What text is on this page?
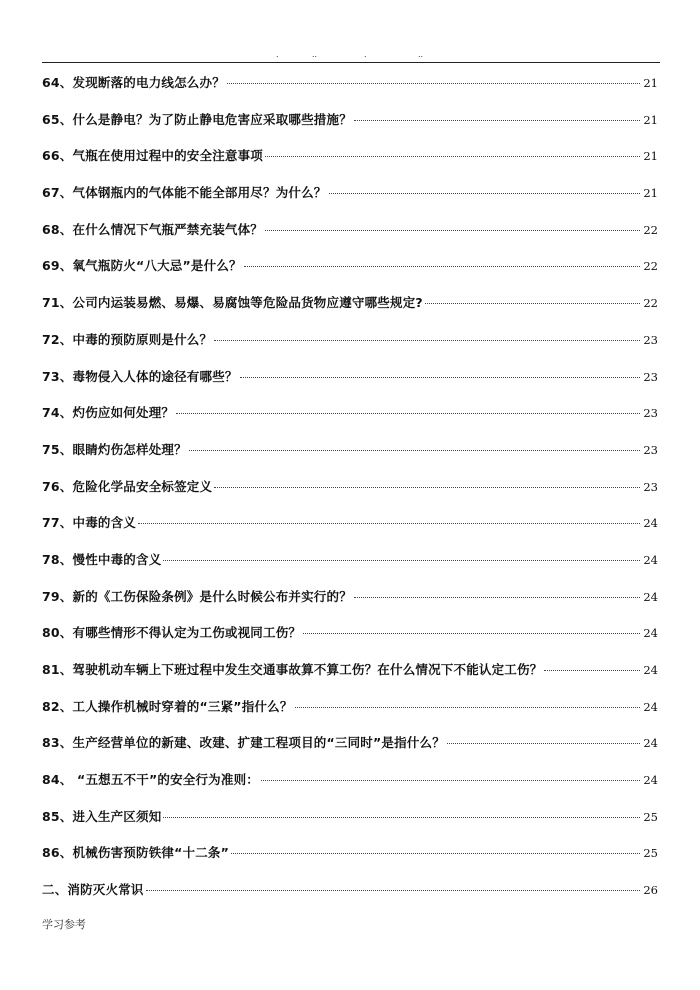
.	..	.	..
64、发现断落的电力线怎么办？	21
65、什么是静电？为了防止静电危害应采取哪些措施？	21
66、气瓶在使用过程中的安全注意事项	21
67、气体钢瓶内的气体能不能全部用尽？为什么？	21
68、在什么情况下气瓶严禁充装气体？	22
69、氧气瓶防火“八大忌”是什么？	22
71、公司内运装易燃、易爆、易腐蚀等危险品货物应遵守哪些规定?	22
72、中毒的预防原则是什么？	23
73、毒物侵入人体的途径有哪些？	23
74、灼伤应如何处理？	23
75、眼睛灼伤怎样处理？	23
76、危险化学品安全标签定义	23
77、中毒的含义	24
78、慢性中毒的含义	24
79、新的《工伤保险条例》是什么时候公布并实行的？	24
80、有哪些情形不得认定为工伤或视同工伤？	24
81、驾驶机动车辆上下班过程中发生交通事故算不算工伤？在什么情况下不能认定工伤？	24
82、工人操作机械时穿着的“三紧”指什么？	24
83、生产经营单位的新建、改建、扩建工程项目的“三同时”是指什么？	24
84、 “五想五不干”的安全行为准则：	24
85、进入生产区须知	25
86、机械伤害预防铁律“十二条”	25
二、消防灭火常识	26
学习参考
